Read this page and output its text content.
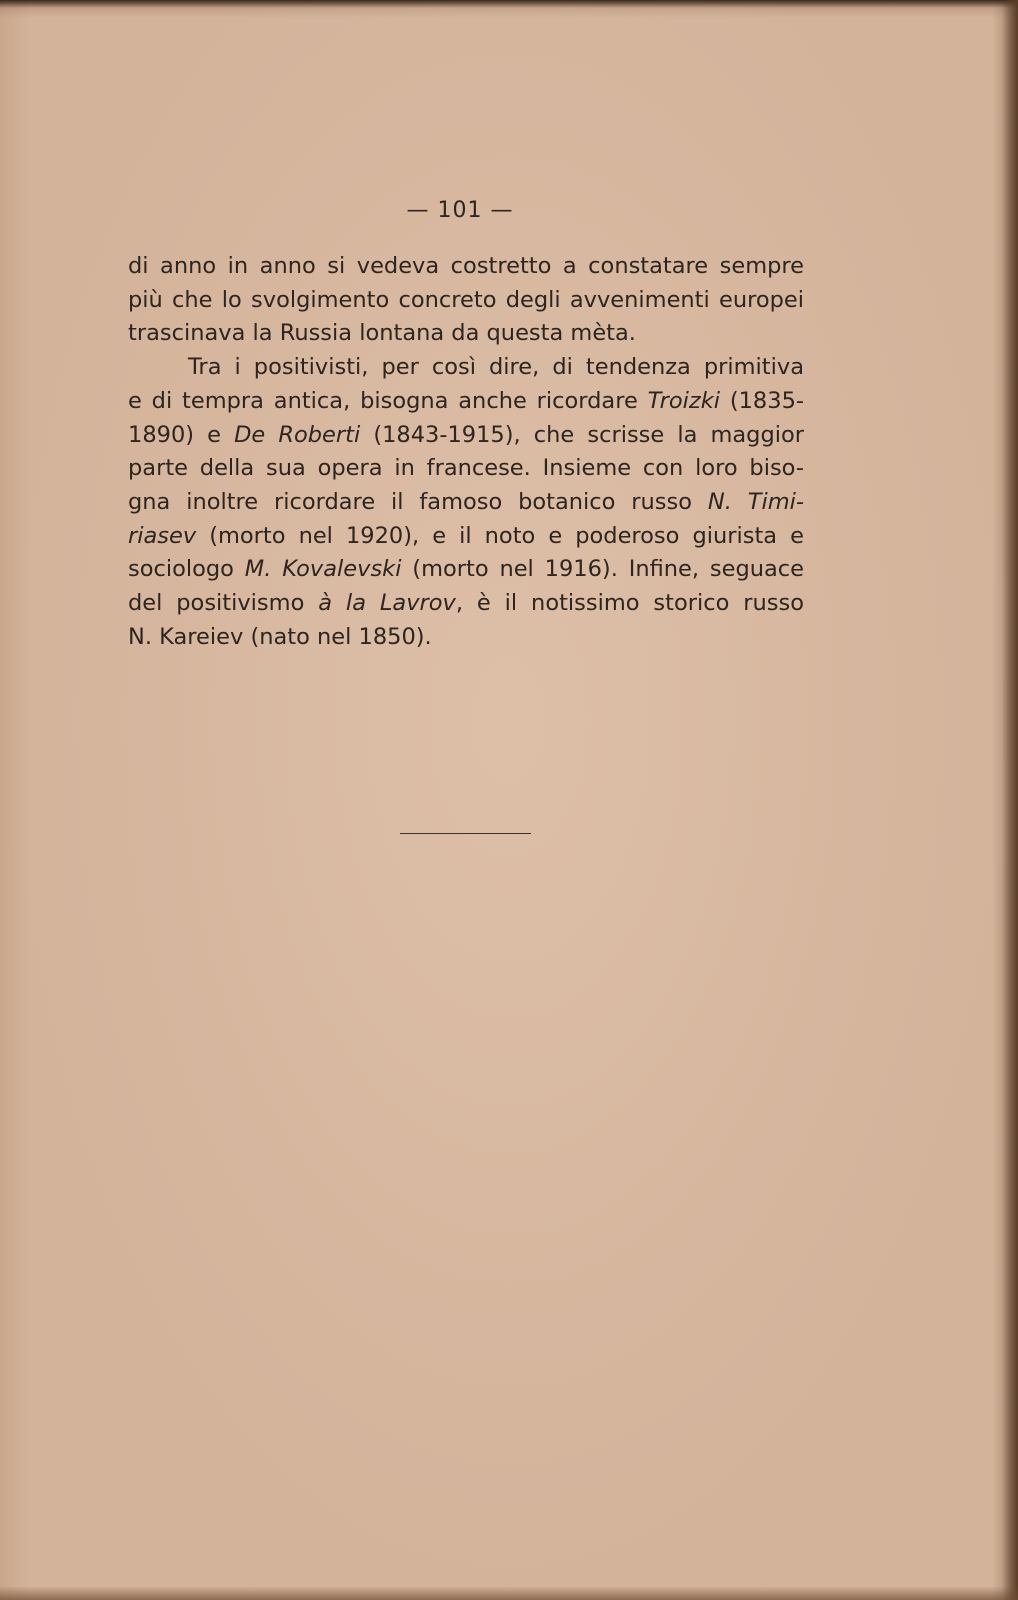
— 101 —
di anno in anno si vedeva costretto a constatare sempre
più che lo svolgimento concreto degli avvenimenti europei
trascinava la Russia lontana da questa mèta.
Tra i positivisti, per così dire, di tendenza primitiva
e di tempra antica, bisogna anche ricordare Troizki (1835-
1890) e De Roberti (1843-1915), che scrisse la maggior
parte della sua opera in francese. Insieme con loro biso-
gna inoltre ricordare il famoso botanico russo N. Timi-
riasev (morto nel 1920), e il noto e poderoso giurista e
sociologo M. Kovalevski (morto nel 1916). Infine, seguace
del positivismo à la Lavrov, è il notissimo storico russo
N. Kareiev (nato nel 1850).
